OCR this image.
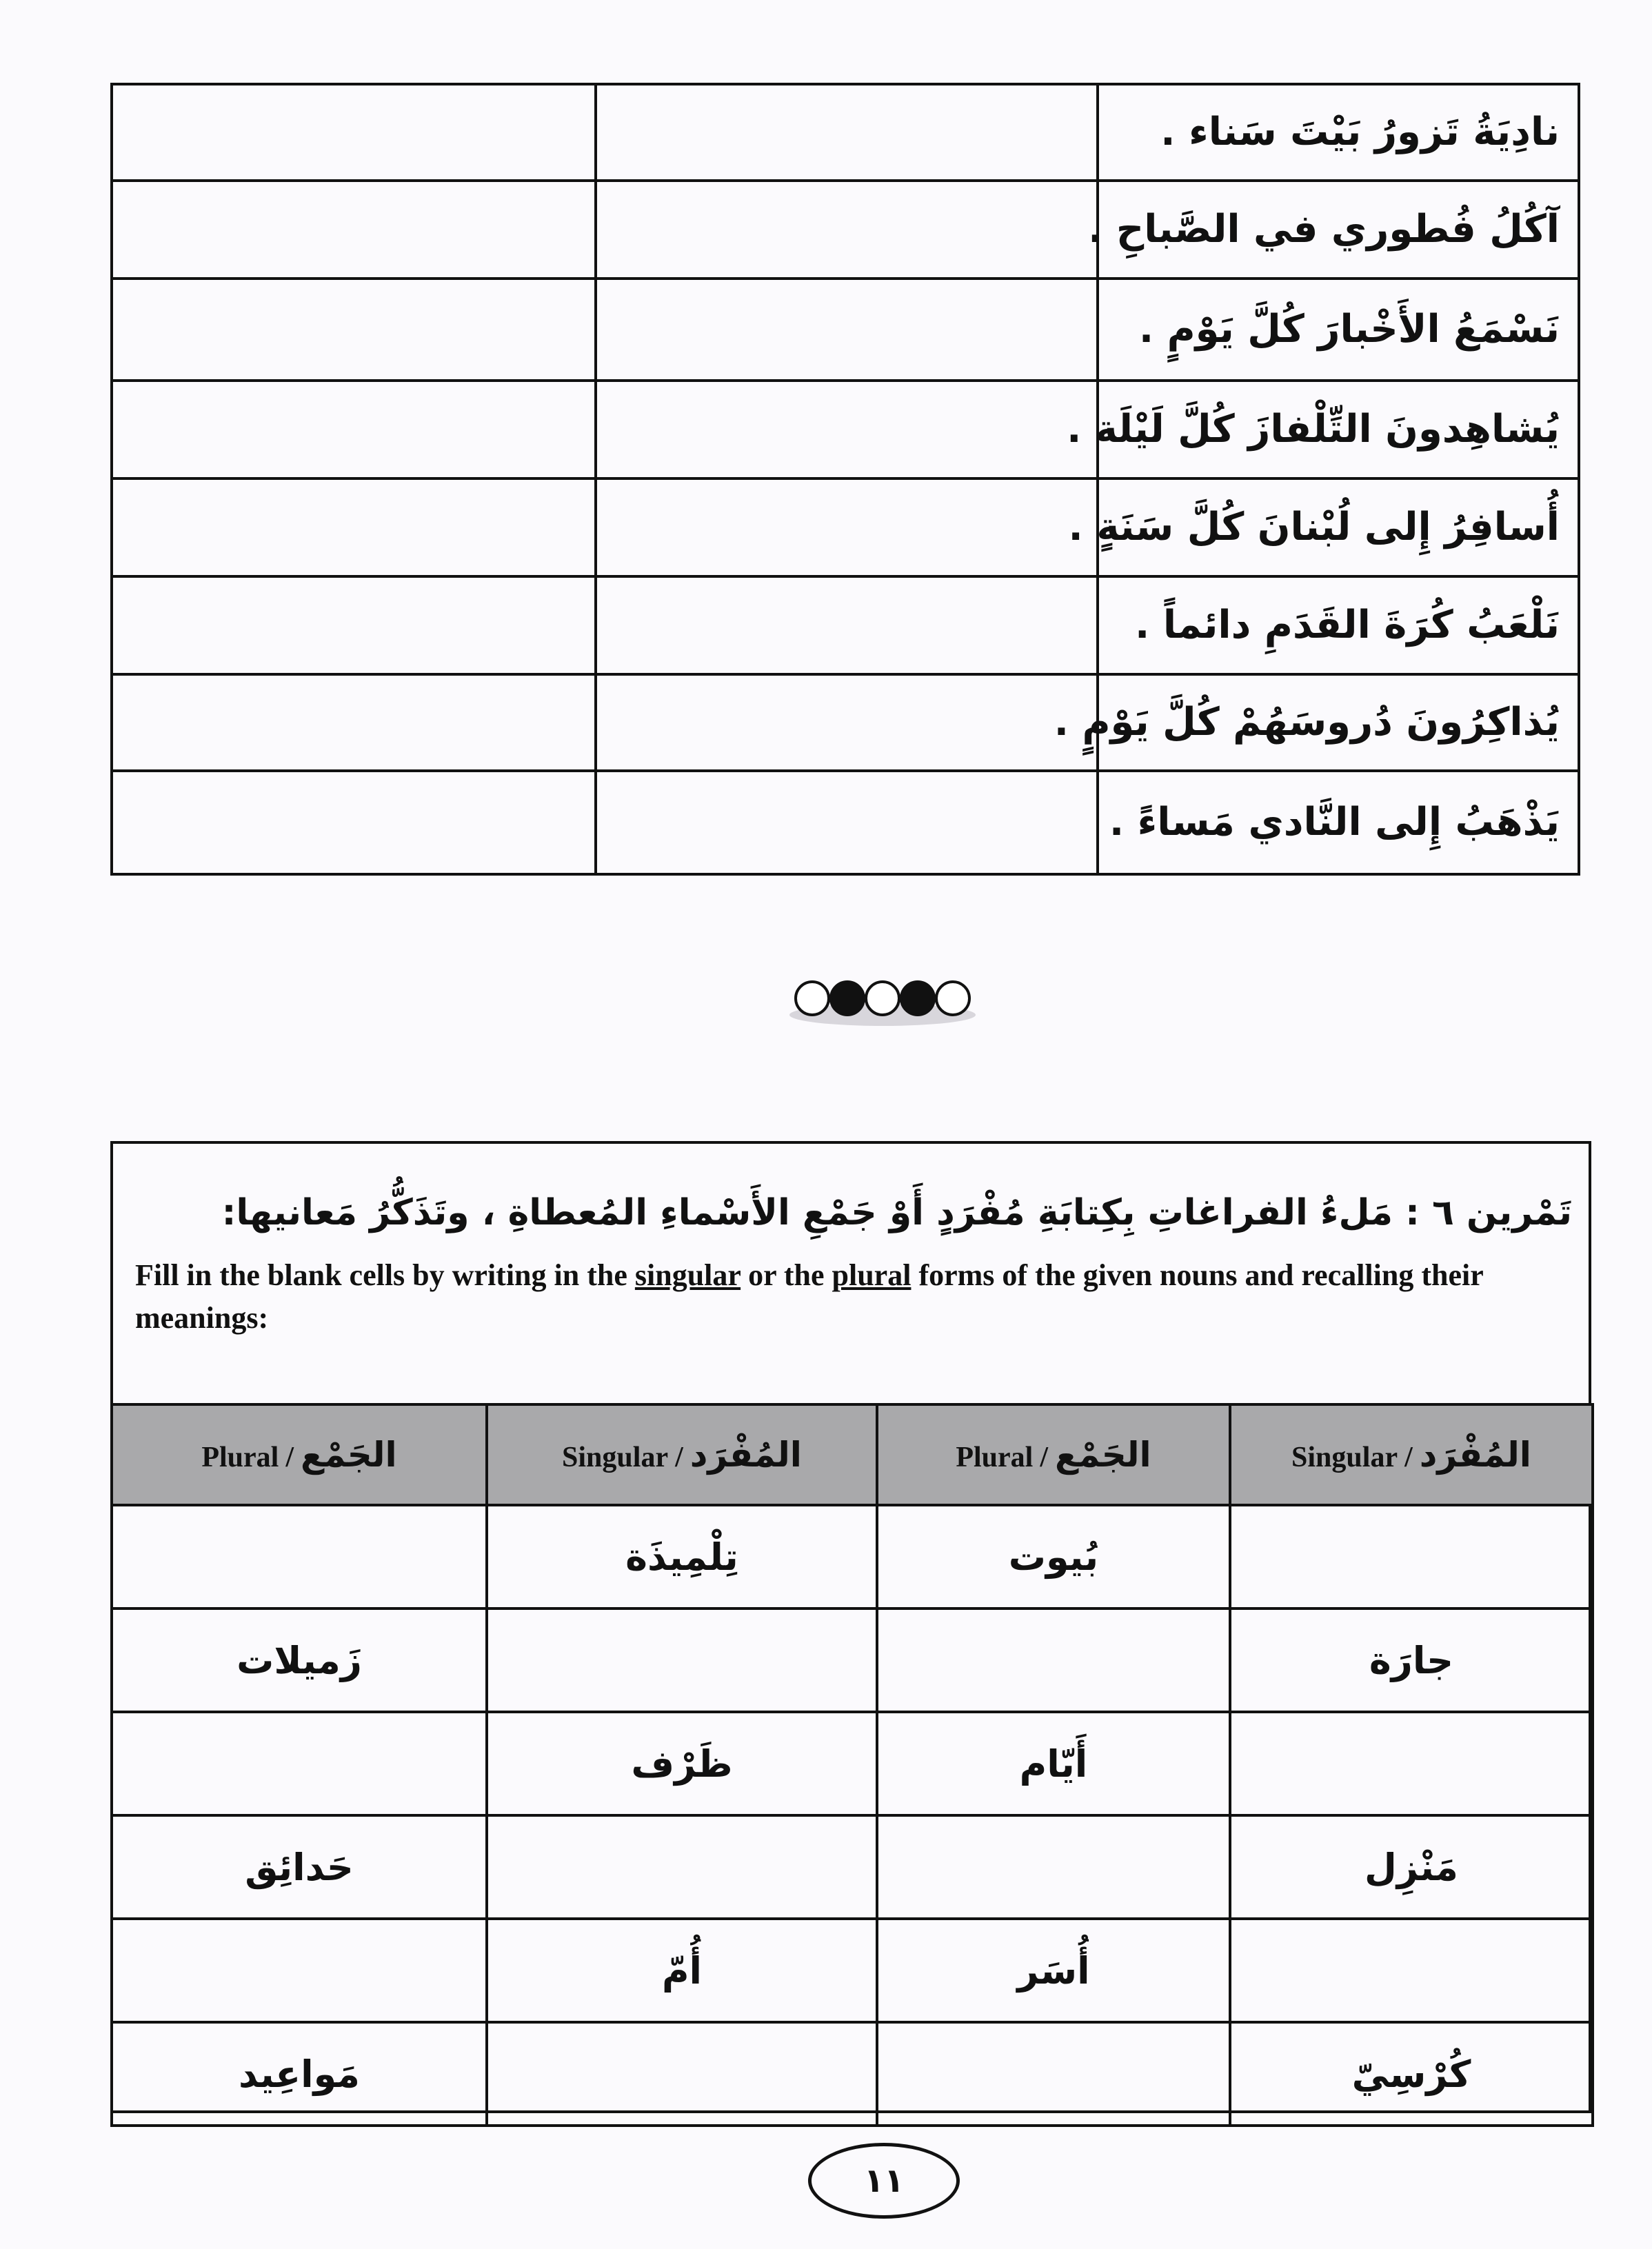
		نادِيَةُ تَزورُ بَيْتَ سَناء .
		آكُلُ فُطوري في الصَّباحِ .
		نَسْمَعُ الأَخْبارَ كُلَّ يَوْمٍ .
		يُشاهِدونَ التِّلْفازَ كُلَّ لَيْلَة .
		أُسافِرُ إِلى لُبْنانَ كُلَّ سَنَةٍ .
		نَلْعَبُ كُرَةَ القَدَمِ دائماً .
		يُذاكِرُونَ دُروسَهُمْ كُلَّ يَوْمٍ .
		يَذْهَبُ إِلى النَّادي مَساءً .
تَمْرين ٦ : مَلءُ الفراغاتِ بِكِتابَةِ مُفْرَدٍ أَوْ جَمْعِ الأَسْماءِ المُعطاةِ ، وتَذَكُّرُ مَعانيها:
Fill in the blank cells by writing in the singular or the plural forms of the given nouns and recalling their meanings:
Plural / الجَمْع	Singular / المُفْرَد	Plural / الجَمْع	Singular / المُفْرَد
	تِلْمِيذَة	بُيوت	
زَميلات			جارَة
	ظَرْف	أَيّام	
حَدائِق			مَنْزِل
	أُمّ	أُسَر	
مَواعِيد			كُرْسِيّ
١١
